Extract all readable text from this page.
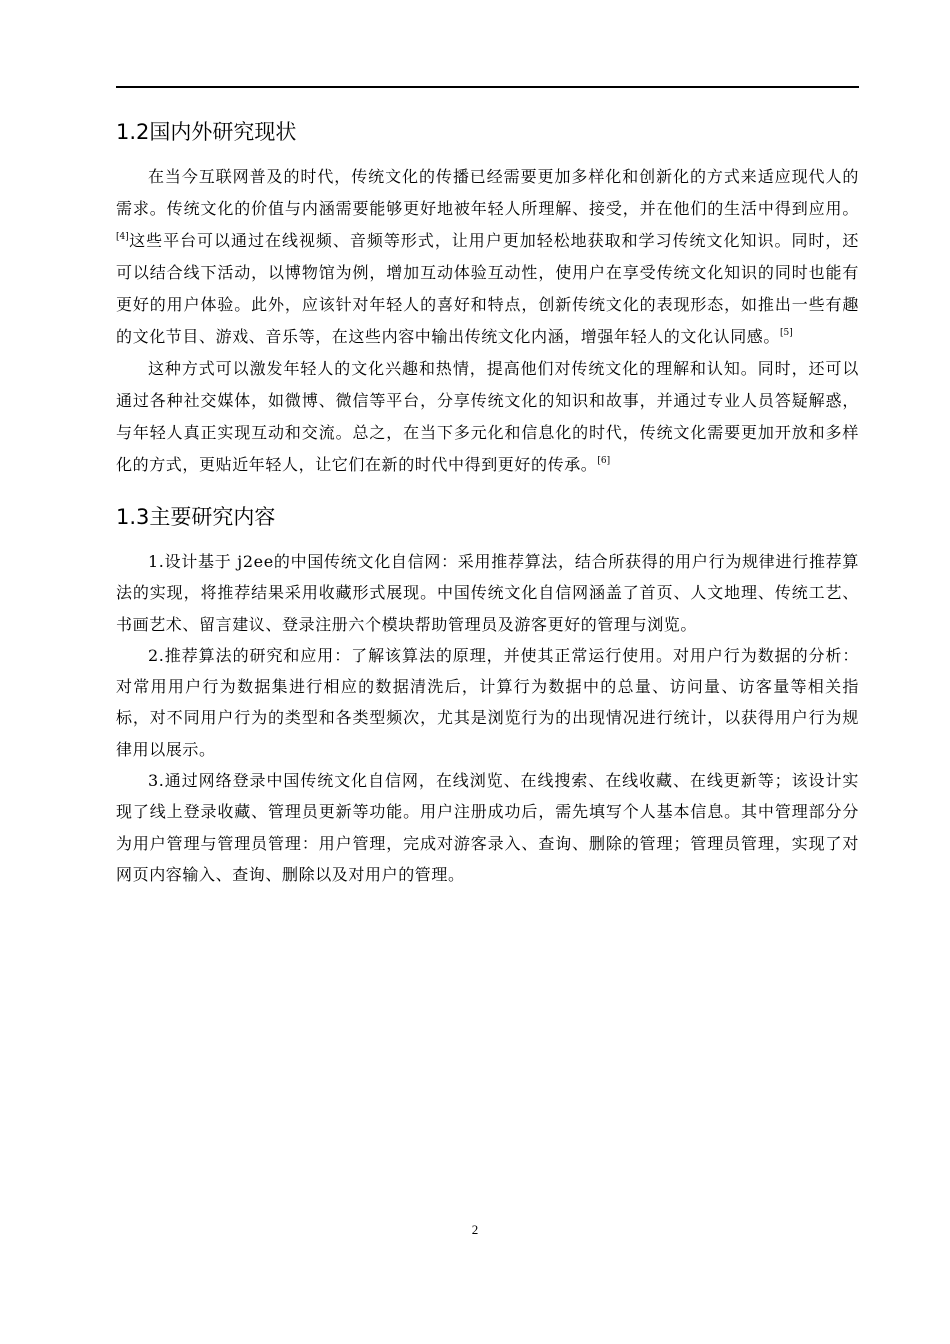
1.2国内外研究现状

在当今互联网普及的时代，传统文化的传播已经需要更加多样化和创新化的方式来适应现代人的需求。传统文化的价值与内涵需要能够更好地被年轻人所理解、接受，并在他们的生活中得到应用。[4]这些平台可以通过在线视频、音频等形式，让用户更加轻松地获取和学习传统文化知识。同时，还可以结合线下活动，以博物馆为例，增加互动体验互动性，使用户在享受传统文化知识的同时也能有更好的用户体验。此外，应该针对年轻人的喜好和特点，创新传统文化的表现形态，如推出一些有趣的文化节目、游戏、音乐等，在这些内容中输出传统文化内涵，增强年轻人的文化认同感。[5]

这种方式可以激发年轻人的文化兴趣和热情，提高他们对传统文化的理解和认知。同时，还可以通过各种社交媒体，如微博、微信等平台，分享传统文化的知识和故事，并通过专业人员答疑解惑，与年轻人真正实现互动和交流。总之，在当下多元化和信息化的时代，传统文化需要更加开放和多样化的方式，更贴近年轻人，让它们在新的时代中得到更好的传承。[6]

1.3主要研究内容

1.设计基于 j2ee的中国传统文化自信网：采用推荐算法，结合所获得的用户行为规律进行推荐算法的实现，将推荐结果采用收藏形式展现。中国传统文化自信网涵盖了首页、人文地理、传统工艺、书画艺术、留言建议、登录注册六个模块帮助管理员及游客更好的管理与浏览。

2.推荐算法的研究和应用：了解该算法的原理，并使其正常运行使用。对用户行为数据的分析：对常用用户行为数据集进行相应的数据清洗后，计算行为数据中的总量、访问量、访客量等相关指标，对不同用户行为的类型和各类型频次，尤其是浏览行为的出现情况进行统计，以获得用户行为规律用以展示。

3.通过网络登录中国传统文化自信网，在线浏览、在线搜索、在线收藏、在线更新等；该设计实现了线上登录收藏、管理员更新等功能。用户注册成功后，需先填写个人基本信息。其中管理部分分为用户管理与管理员管理：用户管理，完成对游客录入、查询、删除的管理；管理员管理，实现了对网页内容输入、查询、删除以及对用户的管理。

2
